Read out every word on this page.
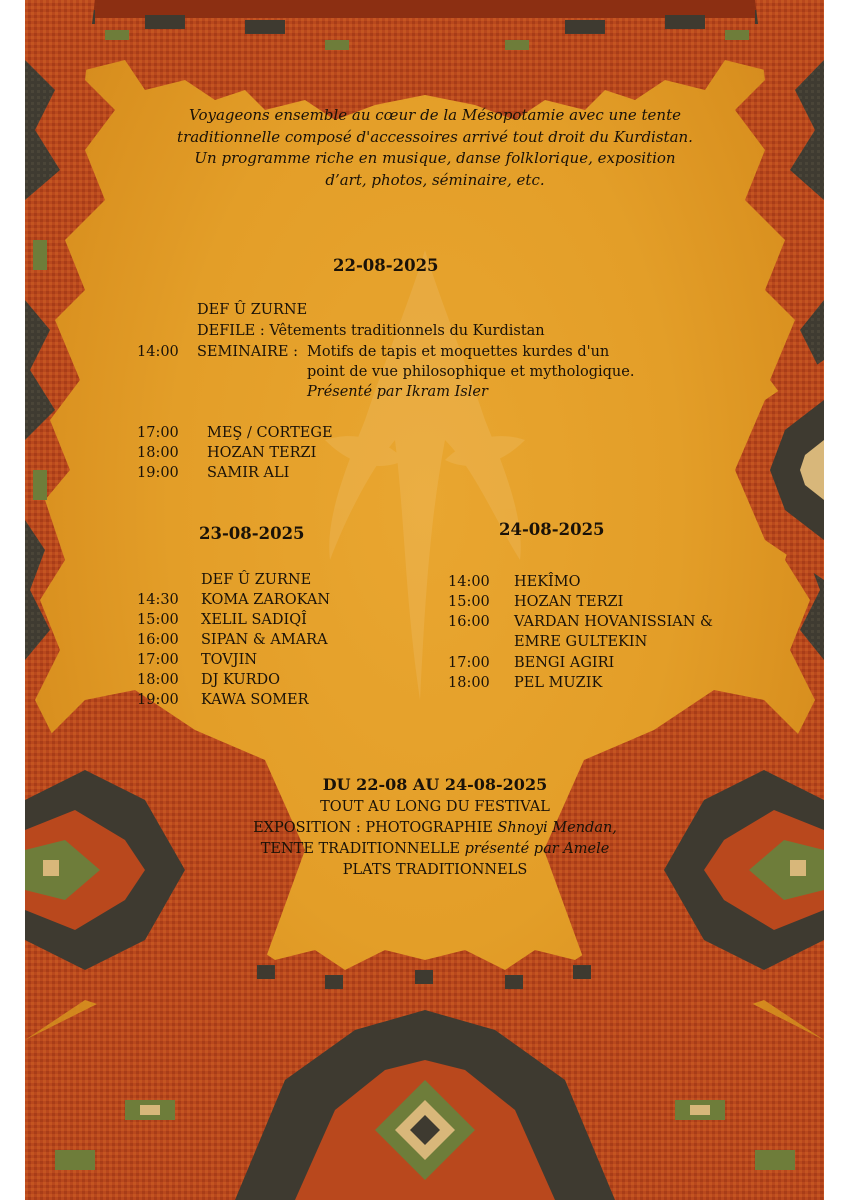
Voyageons ensemble au cœur de la Mésopotamie avec une tente traditionnelle composé d'accessoires arrivé tout droit du Kurdistan. Un programme riche en musique, danse folklorique, exposition d’art, photos, séminaire, etc.
22-08-2025
DEF Û ZURNE
DEFILE : Vêtements traditionnels du Kurdistan
14:00 SEMINAIRE : Motifs de tapis et moquettes kurdes d'un
point de vue philosophique et mythologique.
Présenté par Ikram Isler
17:00 MEŞ / CORTEGE
18:00 HOZAN TERZI
19:00 SAMIR ALI
23-08-2025
DEF Û ZURNE
14:30 KOMA ZAROKAN
15:00 XELIL SADIQÎ
16:00 SIPAN & AMARA
17:00 TOVJIN
18:00 DJ KURDO
19:00 KAWA SOMER
24-08-2025
14:00 HEKÎMO
15:00 HOZAN TERZI
16:00 VARDAN HOVANISSIAN &
EMRE GULTEKIN
17:00 BENGI AGIRI
18:00 PEL MUZIK
DU 22-08 AU 24-08-2025
TOUT AU LONG DU FESTIVAL
EXPOSITION : PHOTOGRAPHIE Shnoyi Mendan,
TENTE TRADITIONNELLE présenté par Amele
PLATS TRADITIONNELS
